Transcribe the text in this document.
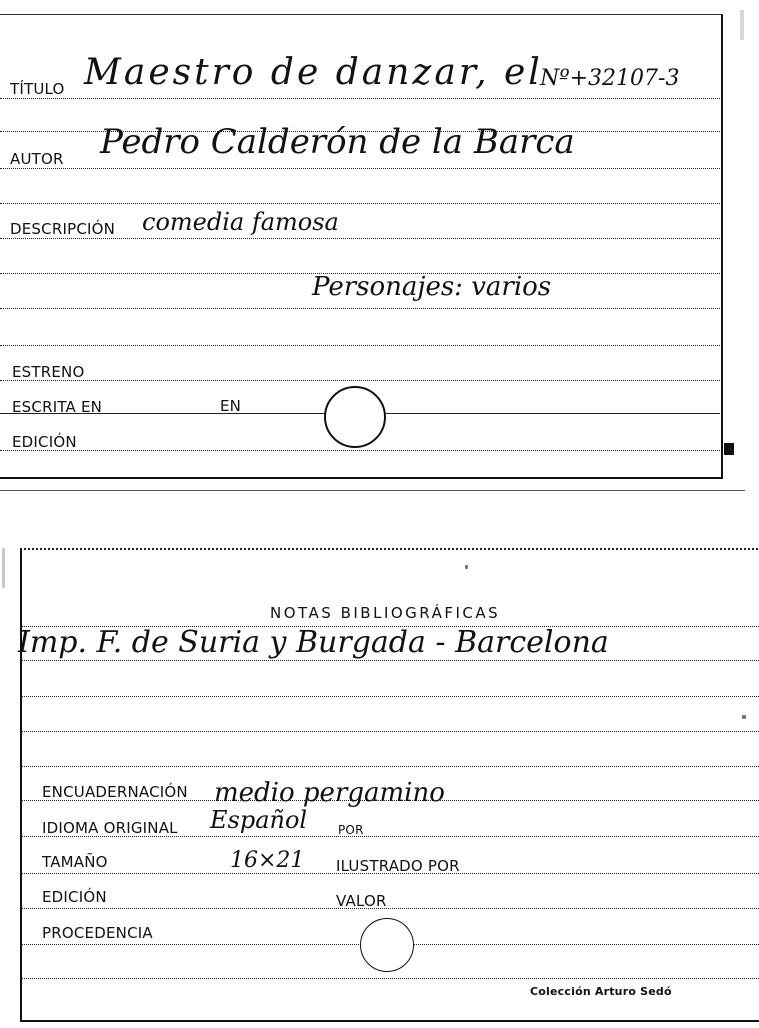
TÍTULO Maestro de danzar, el
Nº+32107-3
AUTOR Pedro Calderón de la Barca
DESCRIPCIÓN comedia famosa
Personajes: varios
ESTRENO
ESCRITA EN	EN
EDICIÓN
NOTAS BIBLIOGRÁFICAS
Imp. F. de Suria y Burgada - Barcelona
ENCUADERNACIÓN medio pergamino
IDIOMA ORIGINAL Español	POR
TAMAÑO	16×21 ILUSTRADO POR
EDICIÓN	VALOR
PROCEDENCIA
Colección Arturo Sedó
